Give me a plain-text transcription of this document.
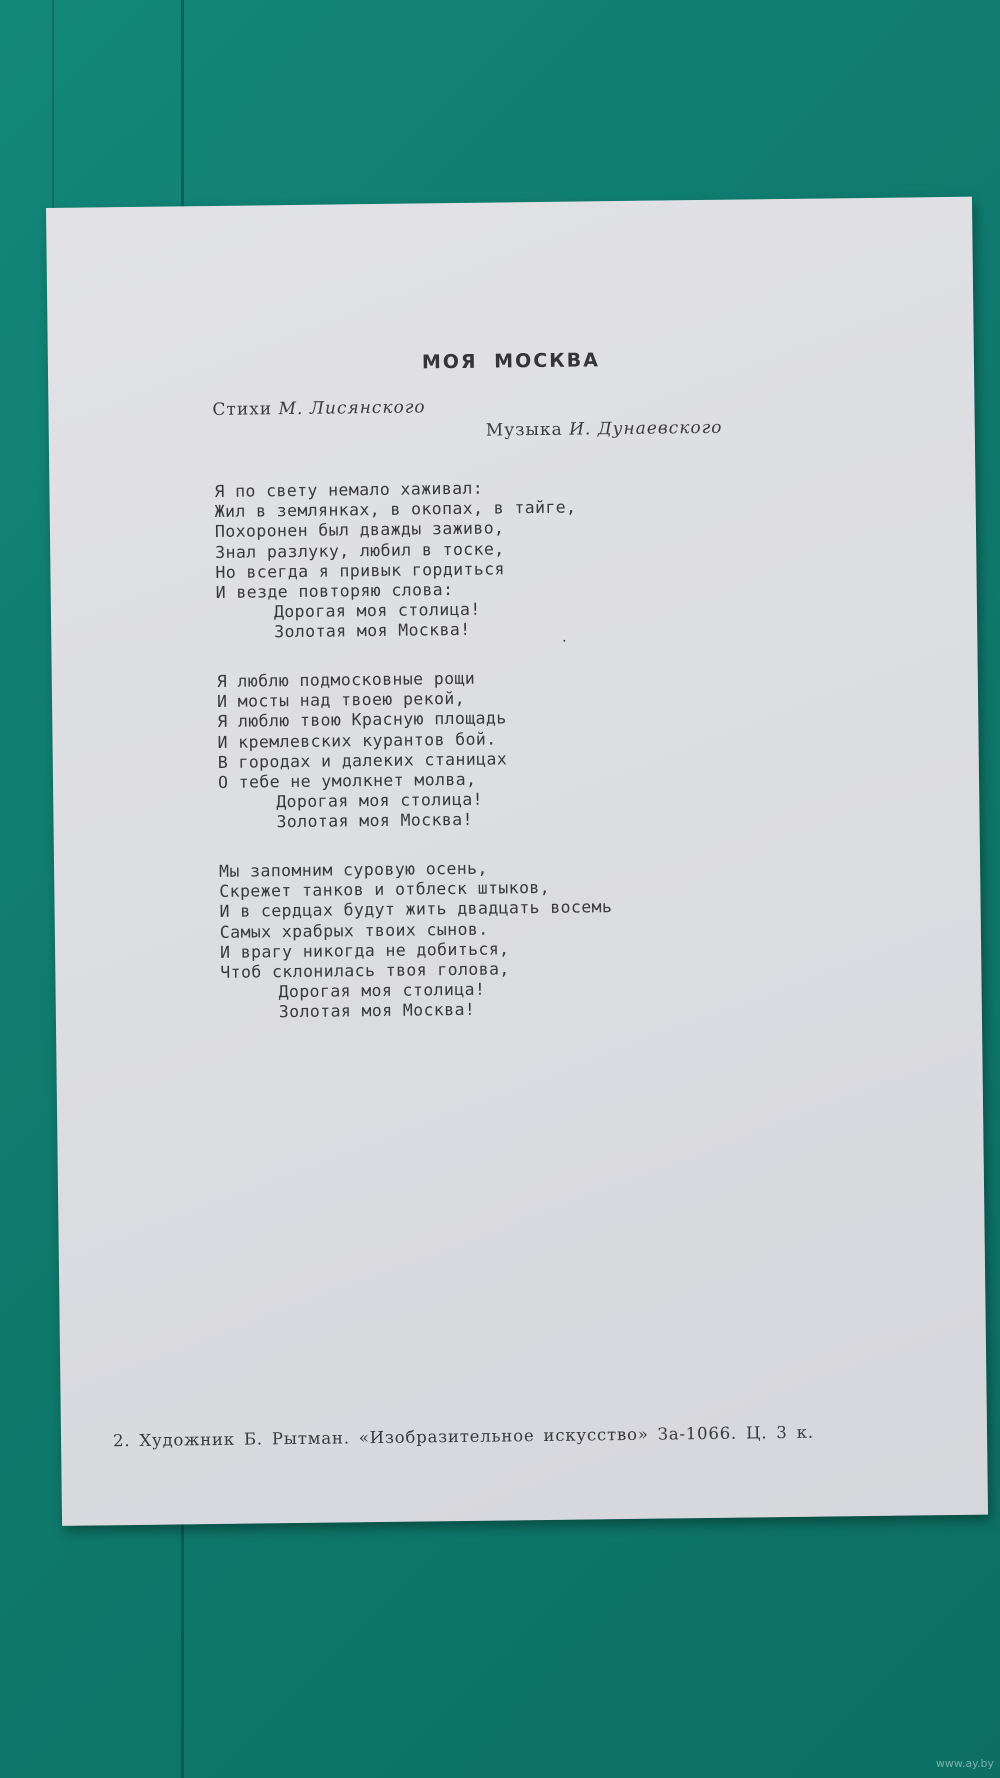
МОЯ МОСКВА
Стихи М. Лисянского
Музыка И. Дунаевского
Я по свету немало хаживал:
Жил в землянках, в окопах, в тайге,
Похоронен был дважды заживо,
Знал разлуку, любил в тоске,
Но всегда я привык гордиться
И везде повторяю слова:
Дорогая моя столица!
Золотая моя Москва!
Я люблю подмосковные рощи
И мосты над твоею рекой,
Я люблю твою Красную площадь
И кремлевских курантов бой.
В городах и далеких станицах
О тебе не умолкнет молва,
Дорогая моя столица!
Золотая моя Москва!
Мы запомним суровую осень,
Скрежет танков и отблеск штыков,
И в сердцах будут жить двадцать восемь
Самых храбрых твоих сынов.
И врагу никогда не добиться,
Чтоб склонилась твоя голова,
Дорогая моя столица!
Золотая моя Москва!
2. Художник Б. Рытман. «Изобразительное искусство» За-1066. Ц. 3 к.
www.ay.by
